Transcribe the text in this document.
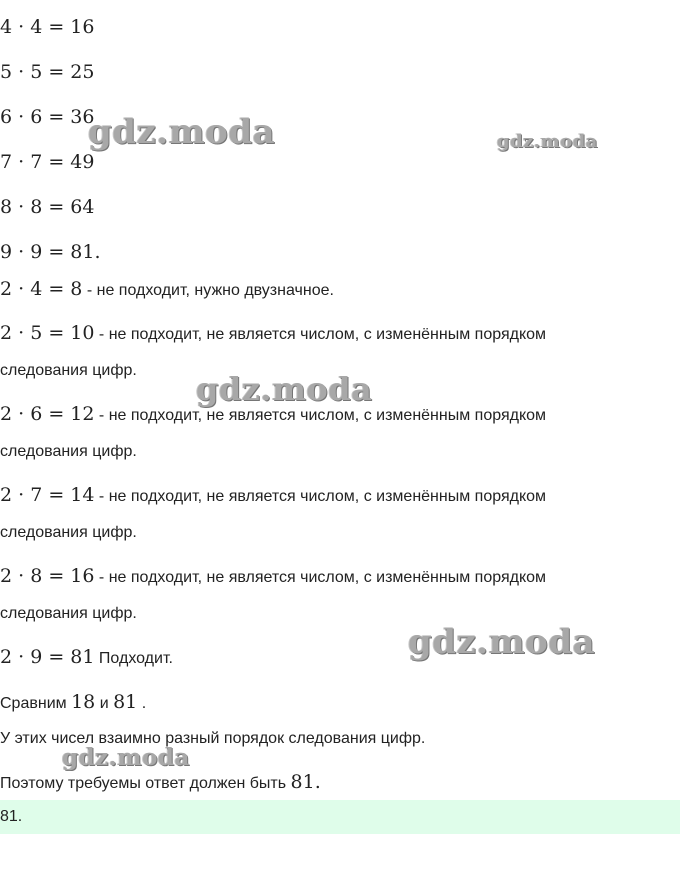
4 · 4 = 16
5 · 5 = 25
6 · 6 = 36
7 · 7 = 49
8 · 8 = 64
9 · 9 = 81.
2 · 4 = 8 - не подходит, нужно двузначное.
2 · 5 = 10 - не подходит, не является числом, с изменённым порядком
следования цифр.
2 · 6 = 12 - не подходит, не является числом, с изменённым порядком
следования цифр.
2 · 7 = 14 - не подходит, не является числом, с изменённым порядком
следования цифр.
2 · 8 = 16 - не подходит, не является числом, с изменённым порядком
следования цифр.
2 · 9 = 81 Подходит.
Сравним 18 и 81 .
У этих чисел взаимно разный порядок следования цифр.
Поэтому требуемы ответ должен быть 81.
81.
gdz.moda	gdz.moda
gdz.moda
gdz.moda
gdz.moda
